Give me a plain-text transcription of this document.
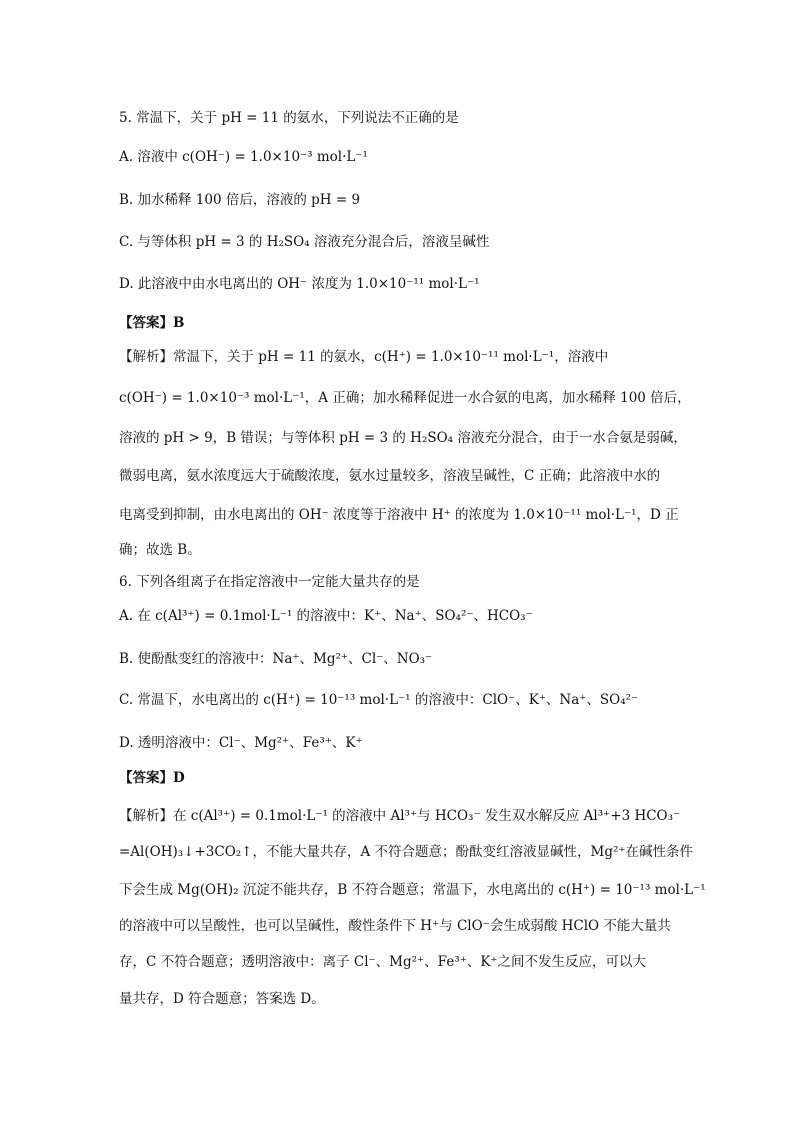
5. 常温下，关于 pH = 11 的氨水，下列说法不正确的是
A. 溶液中 c(OH⁻) = 1.0×10⁻³ mol·L⁻¹
B. 加水稀释 100 倍后，溶液的 pH = 9
C. 与等体积 pH = 3 的 H₂SO₄ 溶液充分混合后，溶液呈碱性
D. 此溶液中由水电离出的 OH⁻ 浓度为 1.0×10⁻¹¹ mol·L⁻¹
【答案】B
【解析】常温下，关于 pH = 11 的氨水，c(H⁺) = 1.0×10⁻¹¹ mol·L⁻¹，溶液中
c(OH⁻) = 1.0×10⁻³ mol·L⁻¹，A 正确；加水稀释促进一水合氨的电离，加水稀释 100 倍后，
溶液的 pH > 9，B 错误；与等体积 pH = 3 的 H₂SO₄ 溶液充分混合，由于一水合氨是弱碱，
微弱电离，氨水浓度远大于硫酸浓度，氨水过量较多，溶液呈碱性，C 正确；此溶液中水的
电离受到抑制，由水电离出的 OH⁻ 浓度等于溶液中 H⁺ 的浓度为 1.0×10⁻¹¹ mol·L⁻¹，D 正
确；故选 B。
6. 下列各组离子在指定溶液中一定能大量共存的是
A. 在 c(Al³⁺) = 0.1mol·L⁻¹ 的溶液中：K⁺、Na⁺、SO₄²⁻、HCO₃⁻
B. 使酚酞变红的溶液中：Na⁺、Mg²⁺、Cl⁻、NO₃⁻
C. 常温下，水电离出的 c(H⁺) = 10⁻¹³ mol·L⁻¹ 的溶液中：ClO⁻、K⁺、Na⁺、SO₄²⁻
D. 透明溶液中：Cl⁻、Mg²⁺、Fe³⁺、K⁺
【答案】D
【解析】在 c(Al³⁺) = 0.1mol·L⁻¹ 的溶液中 Al³⁺与 HCO₃⁻ 发生双水解反应 Al³⁺+3 HCO₃⁻
=Al(OH)₃↓+3CO₂↑，不能大量共存，A 不符合题意；酚酞变红溶液显碱性，Mg²⁺在碱性条件
下会生成 Mg(OH)₂ 沉淀不能共存，B 不符合题意；常温下，水电离出的 c(H⁺) = 10⁻¹³ mol·L⁻¹
的溶液中可以呈酸性，也可以呈碱性，酸性条件下 H⁺与 ClO⁻会生成弱酸 HClO 不能大量共
存，C 不符合题意；透明溶液中：离子 Cl⁻、Mg²⁺、Fe³⁺、K⁺之间不发生反应，可以大
量共存，D 符合题意；答案选 D。
